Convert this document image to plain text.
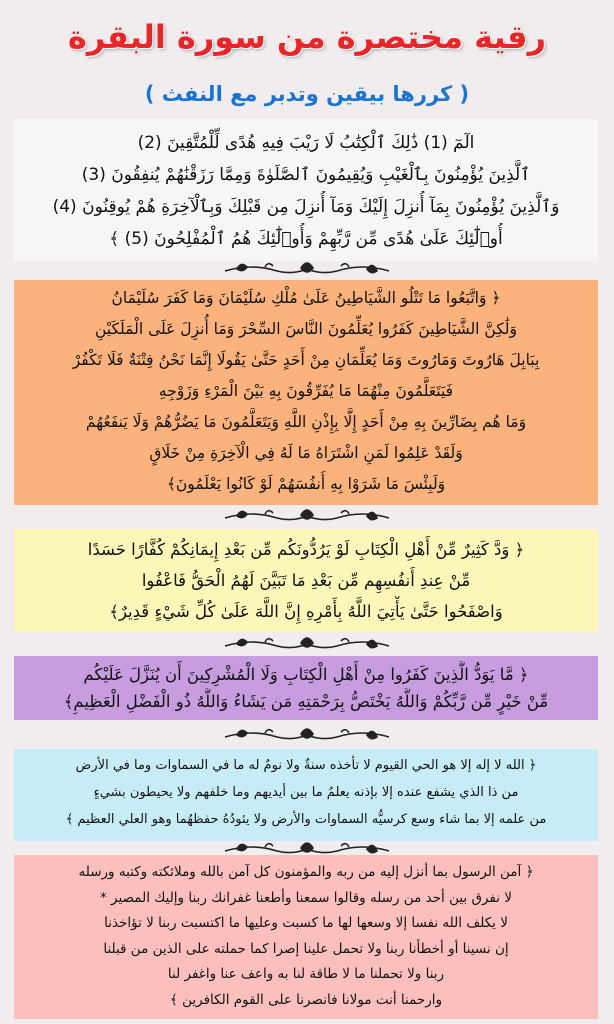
رقية مختصرة من سورة البقرة
( كررها بيقين وتدبر مع النفث )

الٓمٓ (1) ذَٰلِكَ ٱلْكِتَٰبُ لَا رَيْبَ فِيهِ هُدًى لِّلْمُتَّقِينَ (2)

ٱلَّذِينَ يُؤْمِنُونَ بِٱلْغَيْبِ وَيُقِيمُونَ ٱلصَّلَوٰةَ وَمِمَّا رَزَقْنَٰهُمْ يُنفِقُونَ (3)

وَٱلَّذِينَ يُؤْمِنُونَ بِمَآ أُنزِلَ إِلَيْكَ وَمَآ أُنزِلَ مِن قَبْلِكَ وَبِٱلْآخِرَةِ هُمْ يُوقِنُونَ (4)

أُو۟لَٰٓئِكَ عَلَىٰ هُدًى مِّن رَّبِّهِمْ وَأُو۟لَٰٓئِكَ هُمُ ٱلْمُفْلِحُونَ (5) ﴾

﴿ وَاتَّبَعُوا مَا تَتْلُو الشَّيَاطِينُ عَلَىٰ مُلْكِ سُلَيْمَانَ وَمَا كَفَرَ سُلَيْمَانُ

وَلَٰكِنَّ الشَّيَاطِينَ كَفَرُوا يُعَلِّمُونَ النَّاسَ السِّحْرَ وَمَا أُنزِلَ عَلَى الْمَلَكَيْنِ

بِبَابِلَ هَارُوتَ وَمَارُوتَ وَمَا يُعَلِّمَانِ مِنْ أَحَدٍ حَتَّىٰ يَقُولَا إِنَّمَا نَحْنُ فِتْنَةٌ فَلَا تَكْفُرْ

فَيَتَعَلَّمُونَ مِنْهُمَا مَا يُفَرِّقُونَ بِهِ بَيْنَ الْمَرْءِ وَزَوْجِهِ

وَمَا هُم بِضَارِّينَ بِهِ مِنْ أَحَدٍ إِلَّا بِإِذْنِ اللَّهِ وَيَتَعَلَّمُونَ مَا يَضُرُّهُمْ وَلَا يَنفَعُهُمْ

وَلَقَدْ عَلِمُوا لَمَنِ اشْتَرَاهُ مَا لَهُ فِي الْآخِرَةِ مِنْ خَلَاقٍ

وَلَبِئْسَ مَا شَرَوْا بِهِ أَنفُسَهُمْ لَوْ كَانُوا يَعْلَمُونَ﴾

﴿ وَدَّ كَثِيرٌ مِّنْ أَهْلِ الْكِتَابِ لَوْ يَرُدُّونَكُم مِّن بَعْدِ إِيمَانِكُمْ كُفَّارًا حَسَدًا

مِّنْ عِندِ أَنفُسِهِم مِّن بَعْدِ مَا تَبَيَّنَ لَهُمُ الْحَقُّ فَاعْفُوا

وَاصْفَحُوا حَتَّىٰ يَأْتِيَ اللَّهُ بِأَمْرِهِ إِنَّ اللَّهَ عَلَىٰ كُلِّ شَيْءٍ قَدِيرٌ﴾

﴿ مَّا يَوَدُّ الَّذِينَ كَفَرُوا مِنْ أَهْلِ الْكِتَابِ وَلَا الْمُشْرِكِينَ أَن يُنَزَّلَ عَلَيْكُم

مِّنْ خَيْرٍ مِّن رَّبِّكُمْ وَاللَّهُ يَخْتَصُّ بِرَحْمَتِهِ مَن يَشَاءُ وَاللَّهُ ذُو الْفَضْلِ الْعَظِيمِ﴾

﴿ الله لا إله إلا هو الحي القيوم لا تأخذه سنةٌ ولا نومٌ له ما في السماوات وما في الأرض

من ذا الذي يشفع عنده إلا بإذنه يعلمُ ما بين أيديهم وما خلفهم ولا يحيطون بشيءٍ

من علمه إلا بما شاء وسع كرسيُّه السماوات والأرض ولا يئودُهُ حفظهُما وهو العلي العظيم ﴾

﴿ آمن الرسول بما أنزل إليه من ربه والمؤمنون كل آمن بالله وملائكته وكتبه ورسله

لا نفرق بين أحد من رسله وقالوا سمعنا وأطعنا غفرانك ربنا وإليك المصير *

لا يكلف الله نفسا إلا وسعها لها ما كسبت وعليها ما اكتسبت ربنا لا تؤاخذنا

إن نسينا أو أخطأنا ربنا ولا تحمل علينا إصرا كما حملته على الذين من قبلنا

ربنا ولا تحملنا ما لا طاقة لنا به واعف عنا واغفر لنا

وارحمنا أنت مولانا فانصرنا على القوم الكافرين ﴾
